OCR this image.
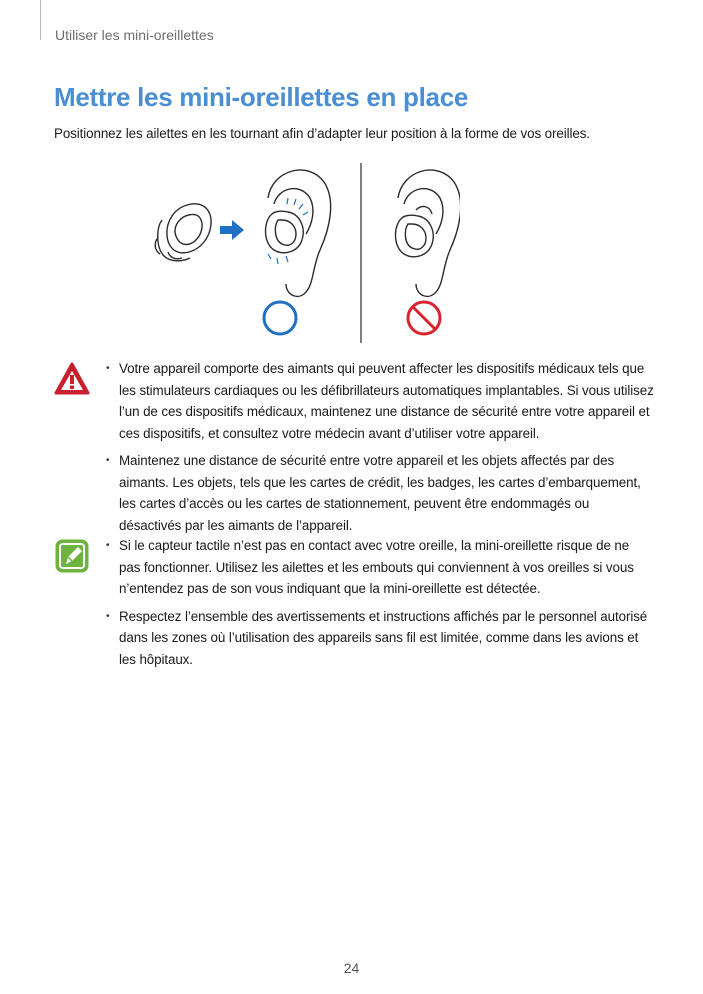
Utiliser les mini-oreillettes
Mettre les mini-oreillettes en place

Positionnez les ailettes en les tournant afin d’adapter leur position à la forme de vos oreilles.

• Votre appareil comporte des aimants qui peuvent affecter les dispositifs médicaux tels que les stimulateurs cardiaques ou les défibrillateurs automatiques implantables. Si vous utilisez l’un de ces dispositifs médicaux, maintenez une distance de sécurité entre votre appareil et ces dispositifs, et consultez votre médecin avant d’utiliser votre appareil.
• Maintenez une distance de sécurité entre votre appareil et les objets affectés par des aimants. Les objets, tels que les cartes de crédit, les badges, les cartes d’embarquement, les cartes d’accès ou les cartes de stationnement, peuvent être endommagés ou désactivés par les aimants de l’appareil.
• Si le capteur tactile n’est pas en contact avec votre oreille, la mini-oreillette risque de ne pas fonctionner. Utilisez les ailettes et les embouts qui conviennent à vos oreilles si vous n’entendez pas de son vous indiquant que la mini-oreillette est détectée.
• Respectez l’ensemble des avertissements et instructions affichés par le personnel autorisé dans les zones où l’utilisation des appareils sans fil est limitée, comme dans les avions et les hôpitaux.
24
